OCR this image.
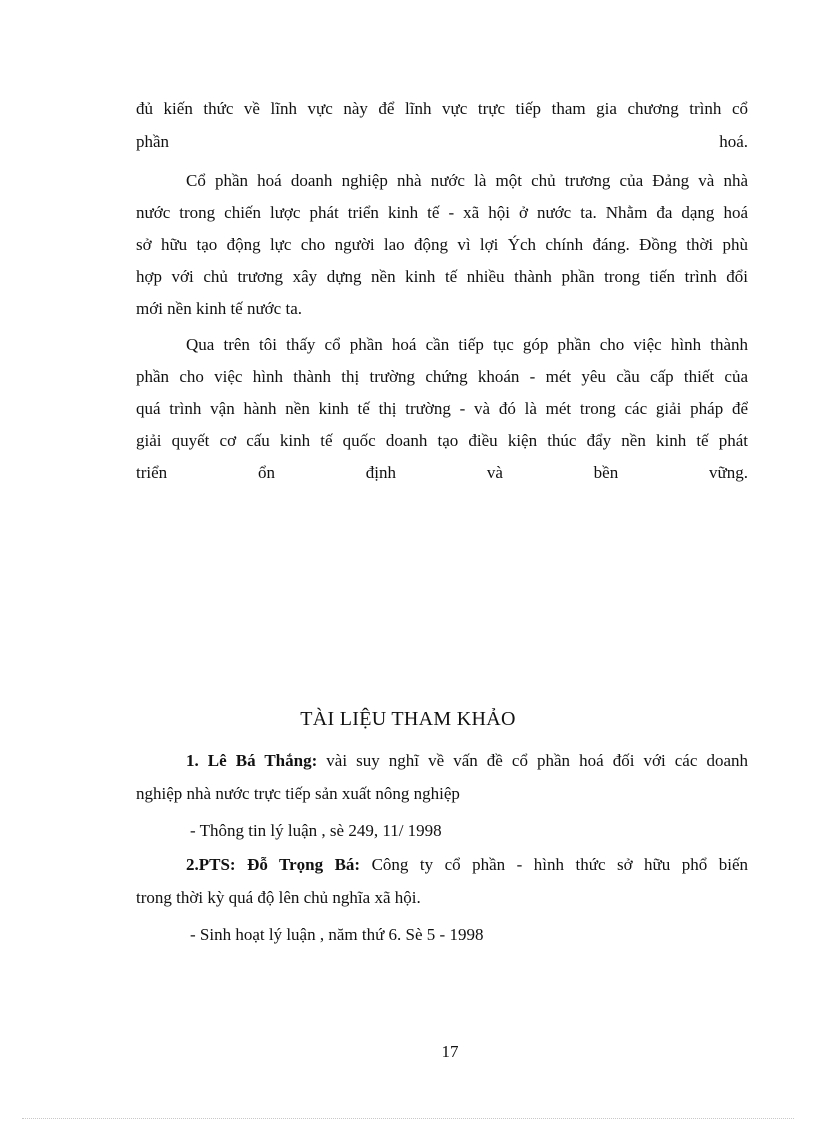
đủ kiến thức về lĩnh vực này để lĩnh vực trực tiếp tham gia chương trình cổ
phần	hoá.
Cổ phần hoá doanh nghiệp nhà nước là một chủ trương của Đảng và nhà
nước trong chiến lược phát triển kinh tế - xã hội ở nước ta. Nhằm đa dạng hoá
sở hữu tạo động lực cho người lao động vì lợi Ých chính đáng. Đồng thời phù
hợp với chủ trương xây dựng nền kinh tế nhiều thành phần trong tiến trình đổi
mới nền kinh tế nước ta.
Qua trên tôi thấy cổ phần hoá cần tiếp tục góp phần cho việc hình thành
phần cho việc hình thành thị trường chứng khoán - mét yêu cầu cấp thiết của
quá trình vận hành nền kinh tế thị trường - và đó là mét trong các giải pháp để
giải quyết cơ cấu kinh tế quốc doanh tạo điều kiện thúc đẩy nền kinh tế phát
triển ổn định và bền vững.
TÀI LIỆU THAM KHẢO
1. Lê Bá Thắng: vài suy nghĩ về vấn đề cổ phần hoá đối với các doanh
nghiệp nhà nước trực tiếp sản xuất nông nghiệp
- Thông tin lý luận , sè 249, 11/ 1998
2.PTS: Đỗ Trọng Bá: Công ty cổ phần - hình thức sở hữu phổ biến
trong thời kỳ quá độ lên chủ nghĩa xã hội.
- Sinh hoạt lý luận , năm thứ 6. Sè 5 - 1998
17
